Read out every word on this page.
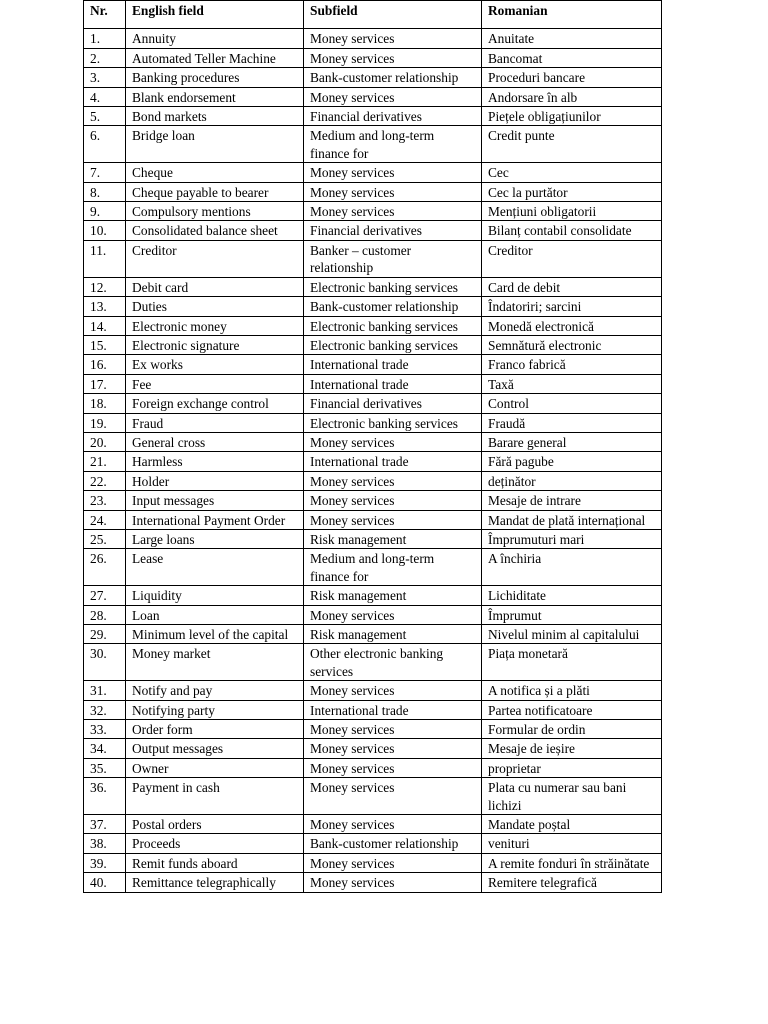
Nr.	English field	Subfield	Romanian
1.	Annuity	Money services	Anuitate
2.	Automated Teller Machine	Money services	Bancomat
3.	Banking procedures	Bank-customer relationship	Proceduri bancare
4.	Blank endorsement	Money services	Andorsare în alb
5.	Bond markets	Financial derivatives	Piețele obligațiunilor
6.	Bridge loan	Medium and long-term finance for	Credit punte
7.	Cheque	Money services	Cec
8.	Cheque payable to bearer	Money services	Cec la purtător
9.	Compulsory mentions	Money services	Mențiuni obligatorii
10.	Consolidated balance sheet	Financial derivatives	Bilanț contabil consolidate
11.	Creditor	Banker – customer relationship	Creditor
12.	Debit card	Electronic banking services	Card de debit
13.	Duties	Bank-customer relationship	Îndatoriri; sarcini
14.	Electronic money	Electronic banking services	Monedă electronică
15.	Electronic signature	Electronic banking services	Semnătură electronic
16.	Ex works	International trade	Franco fabrică
17.	Fee	International trade	Taxă
18.	Foreign exchange control	Financial derivatives	Control
19.	Fraud	Electronic banking services	Fraudă
20.	General cross	Money services	Barare general
21.	Harmless	International trade	Fără pagube
22.	Holder	Money services	deținător
23.	Input messages	Money services	Mesaje de intrare
24.	International Payment Order	Money services	Mandat de plată internațional
25.	Large loans	Risk management	Împrumuturi mari
26.	Lease	Medium and long-term finance for	A închiria
27.	Liquidity	Risk management	Lichiditate
28.	Loan	Money services	Împrumut
29.	Minimum level of the capital	Risk management	Nivelul minim al capitalului
30.	Money market	Other electronic banking services	Piața monetară
31.	Notify and pay	Money services	A notifica și a plăti
32.	Notifying party	International trade	Partea notificatoare
33.	Order form	Money services	Formular de ordin
34.	Output messages	Money services	Mesaje de ieșire
35.	Owner	Money services	proprietar
36.	Payment in cash	Money services	Plata cu numerar sau bani lichizi
37.	Postal orders	Money services	Mandate poștal
38.	Proceeds	Bank-customer relationship	venituri
39.	Remit funds aboard	Money services	A remite fonduri în străinătate
40.	Remittance telegraphically	Money services	Remitere telegrafică
